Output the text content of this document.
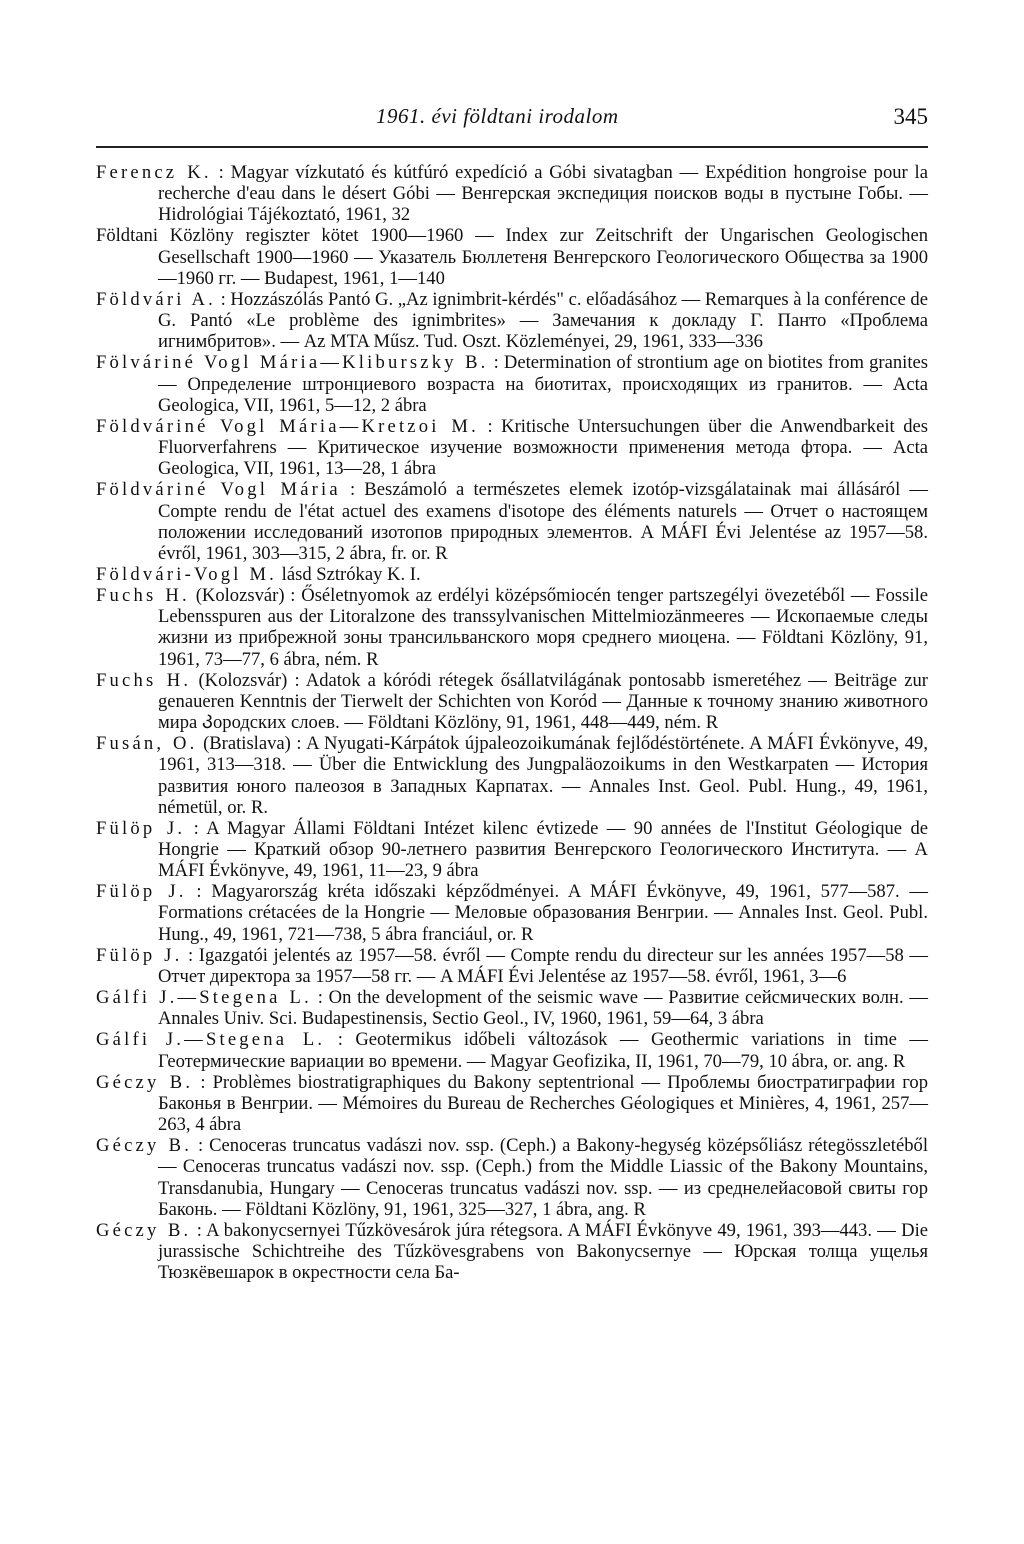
1961. évi földtani irodalom	345

Ferencz K. : Magyar vízkutató és kútfúró expedíció a Góbi sivatagban — Expédition hongroise pour la recherche d'eau dans le désert Góbi — Венгерская экспедиция поисков воды в пустыне Гобы. — Hidrológiai Tájékoztató, 1961, 32

Földtani Közlöny regiszter kötet 1900—1960 — Index zur Zeitschrift der Ungarischen Geologischen Gesellschaft 1900—1960 — Указатель Бюллетеня Венгерского Геологического Общества за 1900—1960 гг. — Budapest, 1961, 1—140

Földvári A. : Hozzászólás Pantó G. „Az ignimbrit-kérdés" c. előadásához — Remarques à la conférence de G. Pantó «Le problème des ignimbrites» — Замечания к докладу Г. Панто «Проблема игнимбритов». — Az MTA Műsz. Tud. Oszt. Közleményei, 29, 1961, 333—336

Fölváriné Vogl Mária—Kliburszky B. : Determination of strontium age on biotites from granites — Определение штронциевого возраста на биотитах, происходящих из гранитов. — Acta Geologica, VII, 1961, 5—12, 2 ábra

Földváriné Vogl Mária—Kretzoi M. : Kritische Untersuchungen über die Anwendbarkeit des Fluorverfahrens — Критическое изучение возможности применения метода фтора. — Acta Geologica, VII, 1961, 13—28, 1 ábra

Földváriné Vogl Mária : Beszámoló a természetes elemek izotóp-vizsgálatainak mai állásáról — Compte rendu de l'état actuel des examens d'isotope des éléments naturels — Отчет о настоящем положении исследований изотопов природных элементов. A MÁFI Évi Jelentése az 1957—58. évről, 1961, 303—315, 2 ábra, fr. or. R

Földvári-Vogl M. lásd Sztrókay K. I.

Fuchs H. (Kolozsvár) : Őséletnyomok az erdélyi középsőmiocén tenger partszegélyi övezetéből — Fossile Lebensspuren aus der Litoralzone des transsylvanischen Mittelmiozänmeeres — Ископаемые следы жизни из прибрежной зоны трансильванского моря среднего миоцена. — Földtani Közlöny, 91, 1961, 73—77, 6 ábra, ném. R

Fuchs H. (Kolozsvár) : Adatok a kóródi rétegek ősállatvilágának pontosabb ismeretéhez — Beiträge zur genaueren Kenntnis der Tierwelt der Schichten von Koród — Данные к точному знанию животного мира Კородских слоев. — Földtani Közlöny, 91, 1961, 448—449, ném. R

Fusán, O. (Bratislava) : A Nyugati-Kárpátok újpaleozoikumának fejlődéstörténete. A MÁFI Évkönyve, 49, 1961, 313—318. — Über die Entwicklung des Jungpaläozoikums in den Westkarpaten — История развития юного палеозоя в Западных Карпатах. — Annales Inst. Geol. Publ. Hung., 49, 1961, németül, or. R.

Fülöp J. : A Magyar Állami Földtani Intézet kilenc évtizede — 90 années de l'Institut Géologique de Hongrie — Краткий обзор 90-летнего развития Венгерского Геологического Института. — A MÁFI Évkönyve, 49, 1961, 11—23, 9 ábra

Fülöp J. : Magyarország kréta időszaki képződményei. A MÁFI Évkönyve, 49, 1961, 577—587. — Formations crétacées de la Hongrie — Меловые образования Венгрии. — Annales Inst. Geol. Publ. Hung., 49, 1961, 721—738, 5 ábra franciául, or. R

Fülöp J. : Igazgatói jelentés az 1957—58. évről — Compte rendu du directeur sur les années 1957—58 — Отчет директора за 1957—58 гг. — A MÁFI Évi Jelentése az 1957—58. évről, 1961, 3—6

Gálfi J.—Stegena L. : On the development of the seismic wave — Развитие сейсмических волн. — Annales Univ. Sci. Budapestinensis, Sectio Geol., IV, 1960, 1961, 59—64, 3 ábra

Gálfi J.—Stegena L. : Geotermikus időbeli változások — Geothermic variations in time — Геотермические вариации во времени. — Magyar Geofizika, II, 1961, 70—79, 10 ábra, or. ang. R

Géczy B. : Problèmes biostratigraphiques du Bakony septentrional — Проблемы биостратиграфии гор Баконья в Венгрии. — Mémoires du Bureau de Recherches Géologiques et Minières, 4, 1961, 257—263, 4 ábra

Géczy B. : Cenoceras truncatus vadászi nov. ssp. (Ceph.) a Bakony-hegység középsőliász rétegösszletéből — Cenoceras truncatus vadászi nov. ssp. (Ceph.) from the Middle Liassic of the Bakony Mountains, Transdanubia, Hungary — Cenoceras truncatus vadászi nov. ssp. — из среднелейасовой свиты гор Баконь. — Földtani Közlöny, 91, 1961, 325—327, 1 ábra, ang. R

Géczy B. : A bakonycsernyei Tűzkövesárok júra rétegsora. A MÁFI Évkönyve 49, 1961, 393—443. — Die jurassische Schichtreihe des Tűzkövesgrabens von Bakonycsernye — Юрская толща ущелья Тюзкёвешарок в окрестности села Ба-
